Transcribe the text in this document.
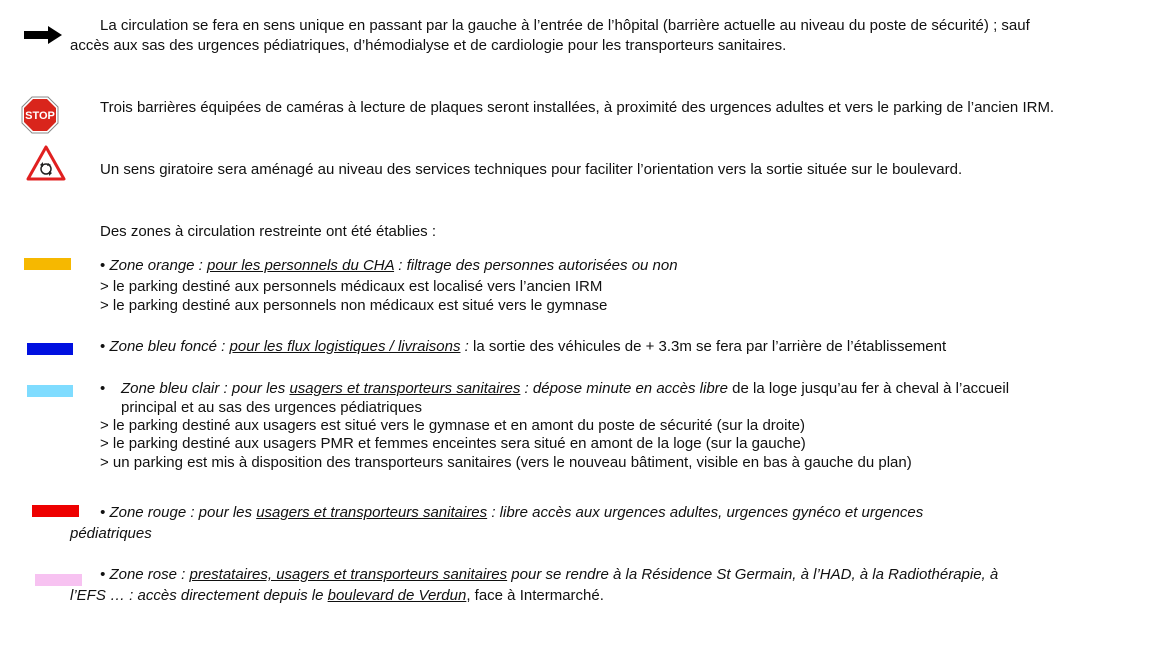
La circulation se fera en sens unique en passant par la gauche à l’entrée de l’hôpital (barrière actuelle au niveau du poste de sécurité) ; sauf
accès aux sas des urgences pédiatriques, d’hémodialyse et de cardiologie pour les transporteurs sanitaires.
STOP	Trois barrières équipées de caméras à lecture de plaques seront installées, à proximité des urgences adultes et vers le parking de l’ancien IRM.
Un sens giratoire sera aménagé au niveau des services techniques pour faciliter l’orientation vers la sortie située sur le boulevard.
Des zones à circulation restreinte ont été établies :
• Zone orange : pour les personnels du CHA : filtrage des personnes autorisées ou non
> le parking destiné aux personnels médicaux est localisé vers l’ancien IRM
> le parking destiné aux personnels non médicaux est situé vers le gymnase
• Zone bleu foncé : pour les flux logistiques / livraisons : la sortie des véhicules de + 3.3m se fera par l’arrière de l’établissement
• Zone bleu clair : pour les usagers et transporteurs sanitaires : dépose minute en accès libre de la loge jusqu’au fer à cheval à l’accueil
principal et au sas des urgences pédiatriques
> le parking destiné aux usagers est situé vers le gymnase et en amont du poste de sécurité (sur la droite)
> le parking destiné aux usagers PMR et femmes enceintes sera situé en amont de la loge (sur la gauche)
> un parking est mis à disposition des transporteurs sanitaires (vers le nouveau bâtiment, visible en bas à gauche du plan)
• Zone rouge : pour les usagers et transporteurs sanitaires : libre accès aux urgences adultes, urgences gynéco et urgences
pédiatriques
• Zone rose : prestataires, usagers et transporteurs sanitaires pour se rendre à la Résidence St Germain, à l’HAD, à la Radiothérapie, à
l’EFS … : accès directement depuis le boulevard de Verdun, face à Intermarché.
